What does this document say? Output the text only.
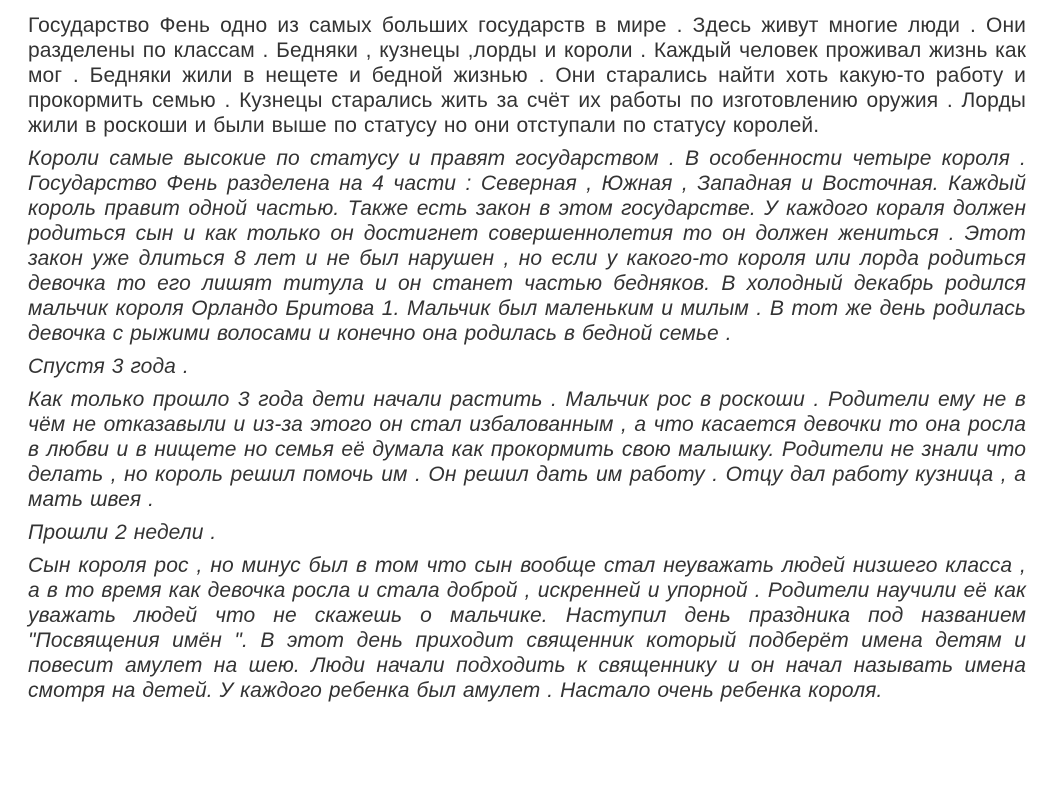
Государство Фень одно из самых больших государств в мире . Здесь живут многие люди . Они разделены по классам . Бедняки , кузнецы ,лорды и короли . Каждый человек проживал жизнь как мог . Бедняки жили в нещете и бедной жизнью . Они старались найти хоть какую-то работу и прокормить семью . Кузнецы старались жить за счёт их работы по изготовлению оружия . Лорды жили в роскоши и были выше по статусу но они отступали по статусу королей.

Короли самые высокие по статусу и правят государством . В особенности четыре короля . Государство Фень разделена на 4 части : Северная , Южная , Западная и Восточная. Каждый король правит одной частью. Также есть закон в этом государстве. У каждого кораля должен родиться сын и как только он достигнет совершеннолетия то он должен жениться . Этот закон уже длиться 8 лет и не был нарушен , но если у какого-то короля или лорда родиться девочка то его лишят титула и он станет частью бедняков. В холодный декабрь родился мальчик короля Орландо Бритова 1. Мальчик был маленьким и милым . В тот же день родилась девочка с рыжими волосами и конечно она родилась в бедной семье .

Спустя 3 года .

Как только прошло 3 года дети начали растить . Мальчик рос в роскоши . Родители ему не в чём не отказавыли и из-за этого он стал избалованным , а что касается девочки то она росла в любви и в нищете но семья её думала как прокормить свою малышку. Родители не знали что делать , но король решил помочь им . Он решил дать им работу . Отцу дал работу кузница , а мать швея .

Прошли 2 недели .

Сын короля рос , но минус был в том что сын вообще стал неуважать людей низшего класса , а в то время как девочка росла и стала доброй , искренней и упорной . Родители научили её как уважать людей что не скажешь о мальчике. Наступил день праздника под названием "Посвящения имён ". В этот день приходит священник который подберёт имена детям и повесит амулет на шею. Люди начали подходить к священнику и он начал называть имена смотря на детей. У каждого ребенка был амулет . Настало очень ребенка короля.
